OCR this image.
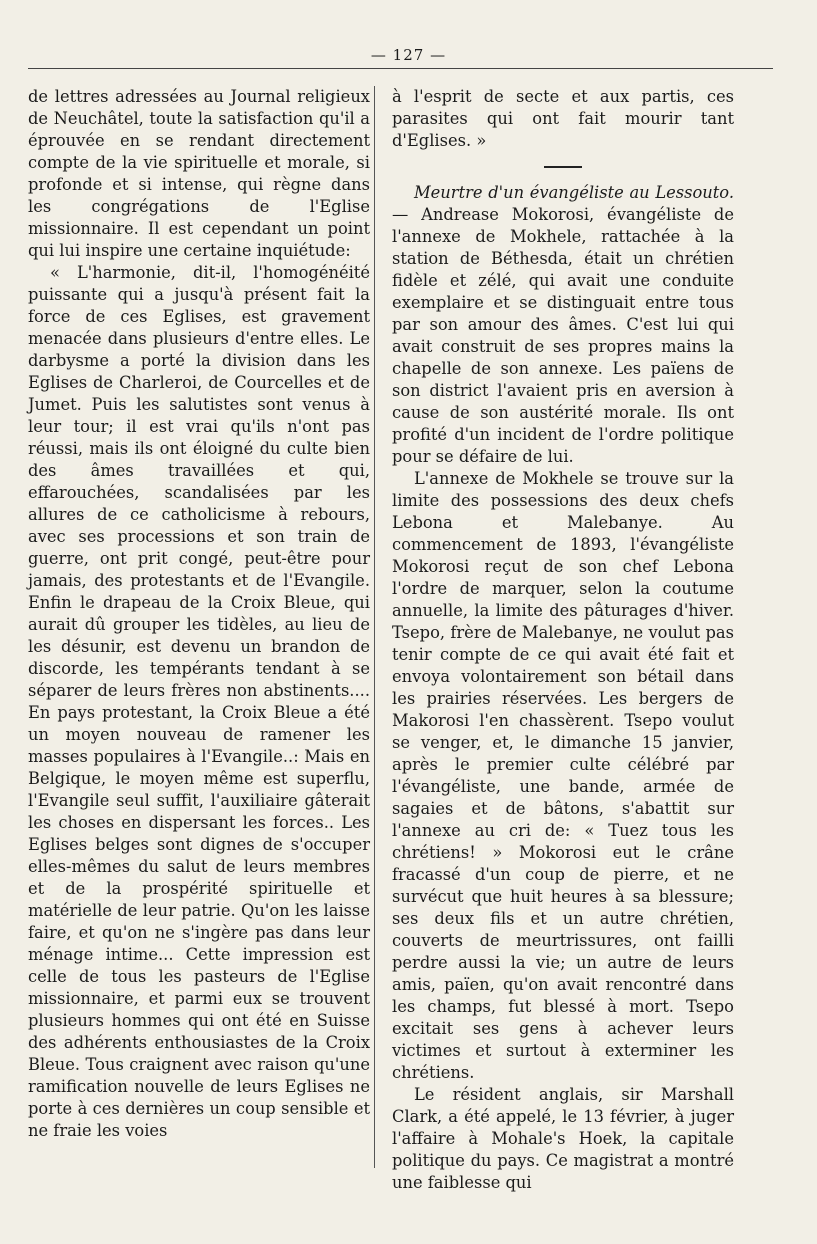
— 127 —

de lettres adressées au Journal religieux de Neuchâtel, toute la satisfaction qu'il a éprouvée en se rendant directement compte de la vie spirituelle et morale, si profonde et si intense, qui règne dans les congrégations de l'Eglise missionnaire. Il est cependant un point qui lui inspire une certaine inquiétude:

« L'harmonie, dit-il, l'homogénéité puissante qui a jusqu'à présent fait la force de ces Eglises, est gravement menacée dans plusieurs d'entre elles. Le darbysme a porté la division dans les Eglises de Charleroi, de Courcelles et de Jumet. Puis les salutistes sont venus à leur tour; il est vrai qu'ils n'ont pas réussi, mais ils ont éloigné du culte bien des âmes travaillées et qui, effarouchées, scandalisées par les allures de ce catholicisme à rebours, avec ses processions et son train de guerre, ont prit congé, peut-être pour jamais, des protestants et de l'Evangile. Enfin le drapeau de la Croix Bleue, qui aurait dû grouper les tidèles, au lieu de les désunir, est devenu un brandon de discorde, les tempérants tendant à se séparer de leurs frères non abstinents.... En pays protestant, la Croix Bleue a été un moyen nouveau de ramener les masses populaires à l'Evangile..: Mais en Belgique, le moyen même est superflu, l'Evangile seul suffit, l'auxiliaire gâterait les choses en dispersant les forces.. Les Eglises belges sont dignes de s'occuper elles-mêmes du salut de leurs membres et de la prospérité spirituelle et matérielle de leur patrie. Qu'on les laisse faire, et qu'on ne s'ingère pas dans leur ménage intime... Cette impression est celle de tous les pasteurs de l'Eglise missionnaire, et parmi eux se trouvent plusieurs hommes qui ont été en Suisse des adhérents enthousiastes de la Croix Bleue. Tous craignent avec raison qu'une ramification nouvelle de leurs Eglises ne porte à ces dernières un coup sensible et ne fraie les voies

à l'esprit de secte et aux partis, ces parasites qui ont fait mourir tant d'Eglises. »

Meurtre d'un évangéliste au Lessouto. — Andrease Mokorosi, évangéliste de l'annexe de Mokhele, rattachée à la station de Béthesda, était un chrétien fidèle et zélé, qui avait une conduite exemplaire et se distinguait entre tous par son amour des âmes. C'est lui qui avait construit de ses propres mains la chapelle de son annexe. Les païens de son district l'avaient pris en aversion à cause de son austérité morale. Ils ont profité d'un incident de l'ordre politique pour se défaire de lui.

L'annexe de Mokhele se trouve sur la limite des possessions des deux chefs Lebona et Malebanye. Au commencement de 1893, l'évangéliste Mokorosi reçut de son chef Lebona l'ordre de marquer, selon la coutume annuelle, la limite des pâturages d'hiver. Tsepo, frère de Malebanye, ne voulut pas tenir compte de ce qui avait été fait et envoya volontairement son bétail dans les prairies réservées. Les bergers de Makorosi l'en chassèrent. Tsepo voulut se venger, et, le dimanche 15 janvier, après le premier culte célébré par l'évangéliste, une bande, armée de sagaies et de bâtons, s'abattit sur l'annexe au cri de: « Tuez tous les chrétiens! » Mokorosi eut le crâne fracassé d'un coup de pierre, et ne survécut que huit heures à sa blessure; ses deux fils et un autre chrétien, couverts de meurtrissures, ont failli perdre aussi la vie; un autre de leurs amis, païen, qu'on avait rencontré dans les champs, fut blessé à mort. Tsepo excitait ses gens à achever leurs victimes et surtout à exterminer les chrétiens.

Le résident anglais, sir Marshall Clark, a été appelé, le 13 février, à juger l'affaire à Mohale's Hoek, la capitale politique du pays. Ce magistrat a montré une faiblesse qui
